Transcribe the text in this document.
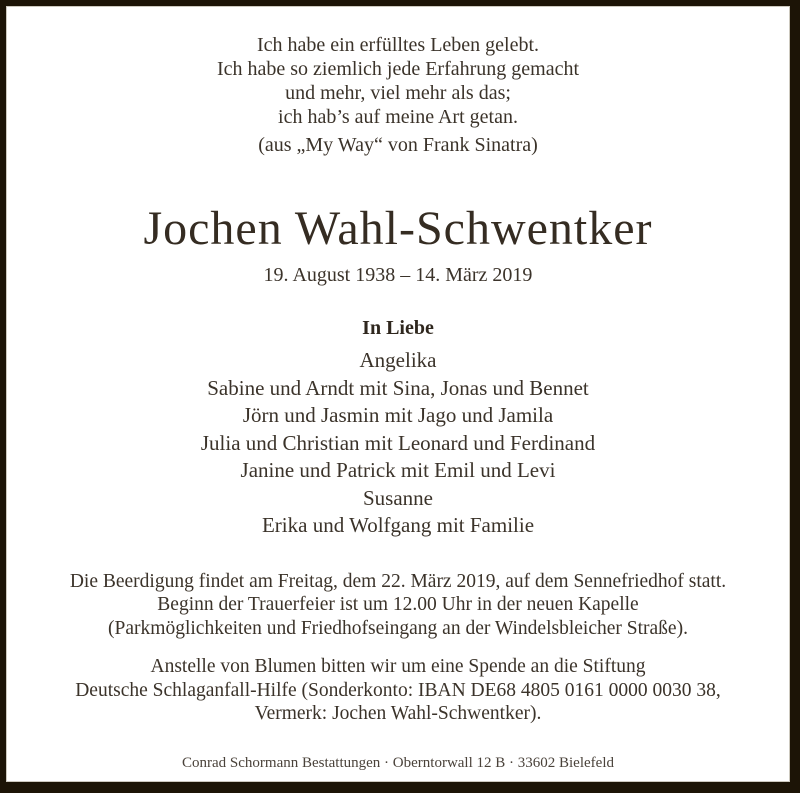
Ich habe ein erfülltes Leben gelebt.
Ich habe so ziemlich jede Erfahrung gemacht
und mehr, viel mehr als das;
ich hab’s auf meine Art getan.
(aus „My Way“ von Frank Sinatra)
Jochen Wahl-Schwentker
19. August 1938 – 14. März 2019
In Liebe
Angelika
Sabine und Arndt mit Sina, Jonas und Bennet
Jörn und Jasmin mit Jago und Jamila
Julia und Christian mit Leonard und Ferdinand
Janine und Patrick mit Emil und Levi
Susanne
Erika und Wolfgang mit Familie
Die Beerdigung findet am Freitag, dem 22. März 2019, auf dem Sennefriedhof statt.
Beginn der Trauerfeier ist um 12.00 Uhr in der neuen Kapelle
(Parkmöglichkeiten und Friedhofseingang an der Windelsbleicher Straße).
Anstelle von Blumen bitten wir um eine Spende an die Stiftung
Deutsche Schlaganfall-Hilfe (Sonderkonto: IBAN DE68 4805 0161 0000 0030 38,
Vermerk: Jochen Wahl-Schwentker).
Conrad Schormann Bestattungen · Oberntorwall 12 B · 33602 Bielefeld
